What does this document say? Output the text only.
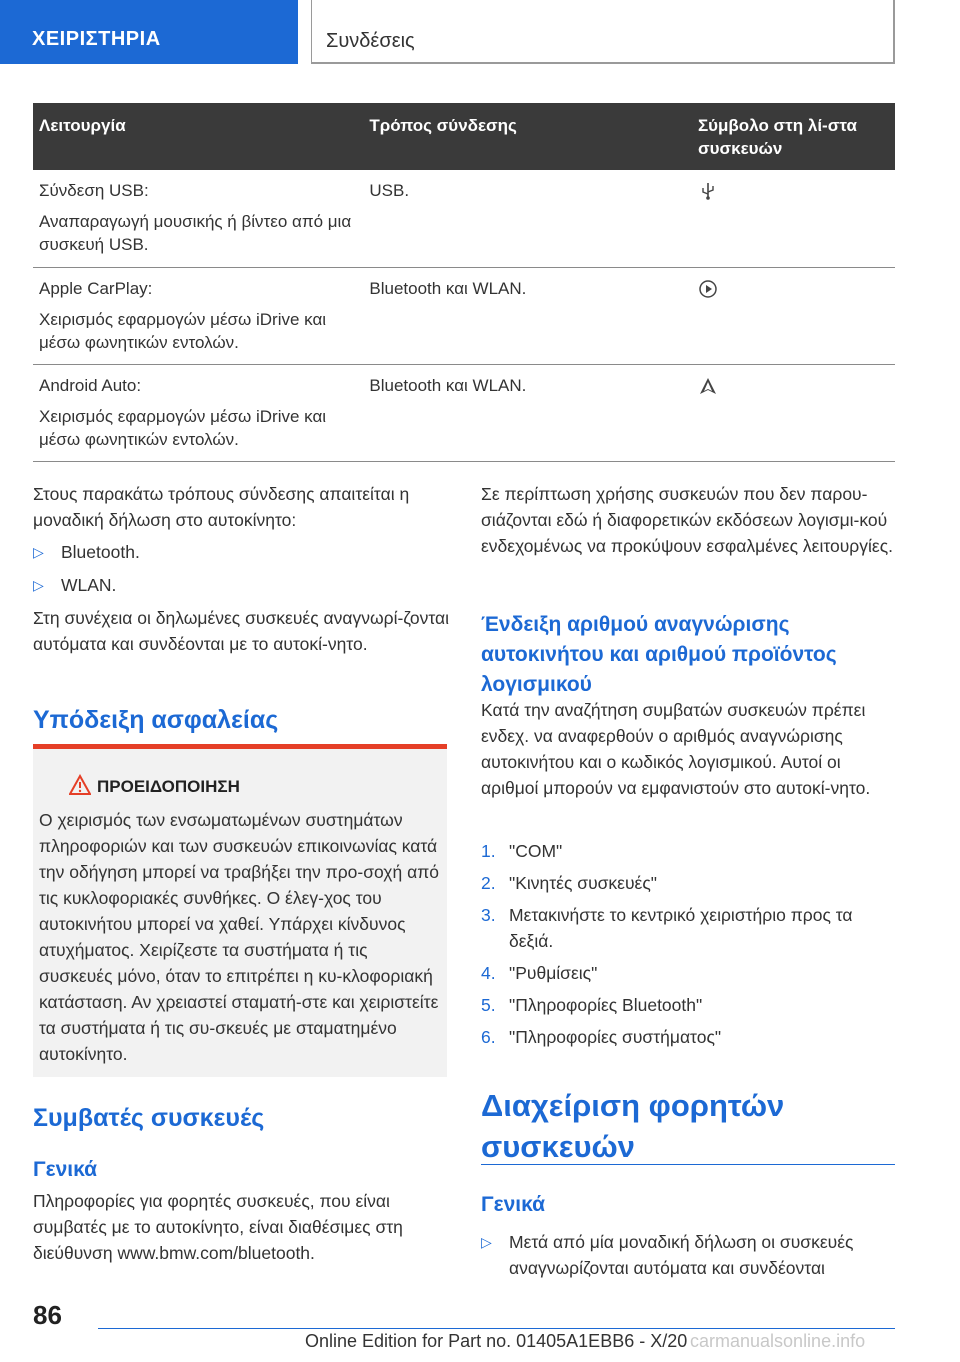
ΧΕΙΡΙΣΤΗΡΙΑ	Συνδέσεις
Λειτουργία	Τρόπος σύνδεσης	Σύμβολο στη λί‐στα συσκευών

Σύνδεση USB:

Αναπαραγωγή μουσικής ή βίντεο από μια συσκευή USB.	USB.	

Apple CarPlay:

Χειρισμός εφαρμογών μέσω iDrive και μέσω φωνητικών εντολών.	Bluetooth και WLAN.	

Android Auto:

Χειρισμός εφαρμογών μέσω iDrive και μέσω φωνητικών εντολών.	Bluetooth και WLAN.	

Στους παρακάτω τρόπους σύνδεσης απαιτείται η μοναδική δήλωση στο αυτοκίνητο:

▷ Bluetooth.
▷ WLAN.

Στη συνέχεια οι δηλωμένες συσκευές αναγνωρί‐ζονται αυτόματα και συνδέονται με το αυτοκί‐νητο.

Υπόδειξη ασφαλείας
ΠΡΟΕΙΔΟΠΟΙΗΣΗ
Ο χειρισμός των ενσωματωμένων συστημάτων πληροφοριών και των συσκευών επικοινωνίας κατά την οδήγηση μπορεί να τραβήξει την προ‐σοχή από τις κυκλοφοριακές συνθήκες. Ο έλεγ‐χος του αυτοκινήτου μπορεί να χαθεί. Υπάρχει κίνδυνος ατυχήματος. Χειρίζεστε τα συστήματα ή τις συσκευές μόνο, όταν το επιτρέπει η κυ‐κλοφοριακή κατάσταση. Αν χρειαστεί σταματή‐στε και χειριστείτε τα συστήματα ή τις συ‐σκευές με σταματημένο αυτοκίνητο.
Συμβατές συσκευές
Γενικά
Πληροφορίες για φορητές συσκευές, που είναι συμβατές με το αυτοκίνητο, είναι διαθέσιμες στη διεύθυνση www.bmw.com/bluetooth.
Σε περίπτωση χρήσης συσκευών που δεν παρου‐σιάζονται εδώ ή διαφορετικών εκδόσεων λογισμι‐κού ενδεχομένως να προκύψουν εσφαλμένες λειτουργίες.
Ένδειξη αριθμού αναγνώρισης αυτοκινήτου και αριθμού προϊόντος λογισμικού
Κατά την αναζήτηση συμβατών συσκευών πρέπει ενδεχ. να αναφερθούν ο αριθμός αναγνώρισης αυτοκινήτου και ο κωδικός λογισμικού. Αυτοί οι αριθμοί μπορούν να εμφανιστούν στο αυτοκί‐νητο.
1. "COM"
2. "Κινητές συσκευές"
3. Μετακινήστε το κεντρικό χειριστήριο προς τα δεξιά.
4. "Ρυθμίσεις"
5. "Πληροφορίες Bluetooth"
6. "Πληροφορίες συστήματος"
Διαχείριση φορητών συσκευών
Γενικά
▷ Μετά από μία μοναδική δήλωση οι συσκευές αναγνωρίζονται αυτόματα και συνδέονται
86
Online Edition for Part no. 01405A1EBB6 - X/20 carmanualsonline.info
